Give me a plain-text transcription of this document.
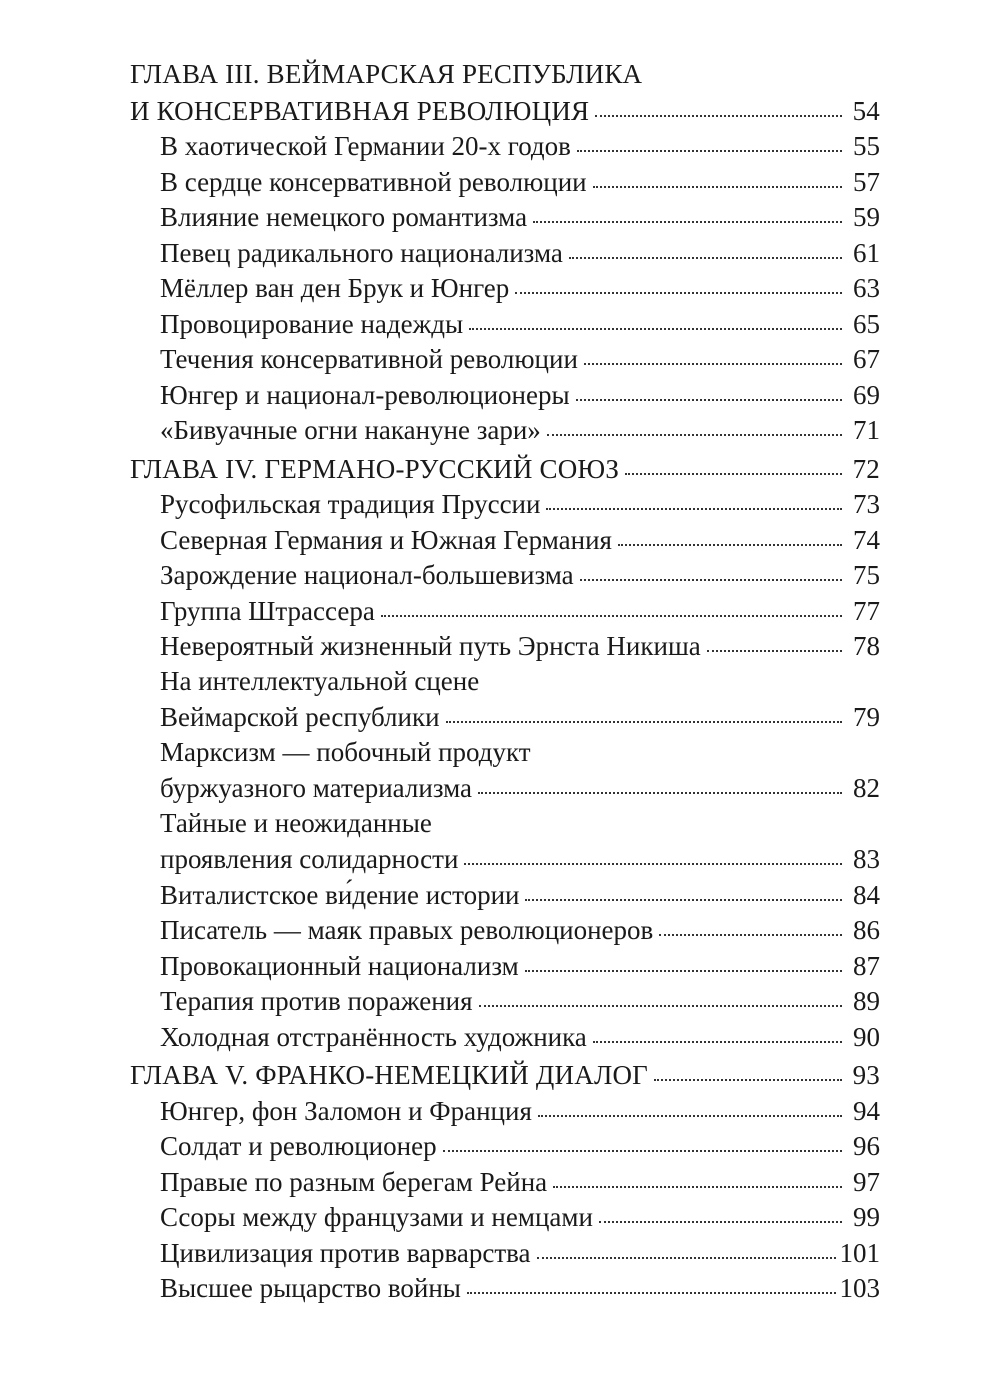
ГЛАВА III. ВЕЙМАРСКАЯ РЕСПУБЛИКА
И КОНСЕРВАТИВНАЯ РЕВОЛЮЦИЯ	54
В хаотической Германии 20-х годов	55
В сердце консервативной революции	57
Влияние немецкого романтизма	59
Певец радикального национализма	61
Мёллер ван ден Брук и Юнгер	63
Провоцирование надежды	65
Течения консервативной революции	67
Юнгер и национал-революционеры	69
«Бивуачные огни накануне зари»	71
ГЛАВА IV. ГЕРМАНО-РУССКИЙ СОЮЗ	72
Русофильская традиция Пруссии	73
Северная Германия и Южная Германия	74
Зарождение национал-большевизма	75
Группа Штрассера	77
Невероятный жизненный путь Эрнста Никиша	78
На интеллектуальной сцене
Веймарской республики	79
Марксизм — побочный продукт
буржуазного материализма	82
Тайные и неожиданные
проявления солидарности	83
Виталистское ви́дение истории	84
Писатель — маяк правых революционеров	86
Провокационный национализм	87
Терапия против поражения	89
Холодная отстранённость художника	90
ГЛАВА V. ФРАНКО-НЕМЕЦКИЙ ДИАЛОГ	93
Юнгер, фон Заломон и Франция	94
Солдат и революционер	96
Правые по разным берегам Рейна	97
Ссоры между французами и немцами	99
Цивилизация против варварства	101
Высшее рыцарство войны	103
